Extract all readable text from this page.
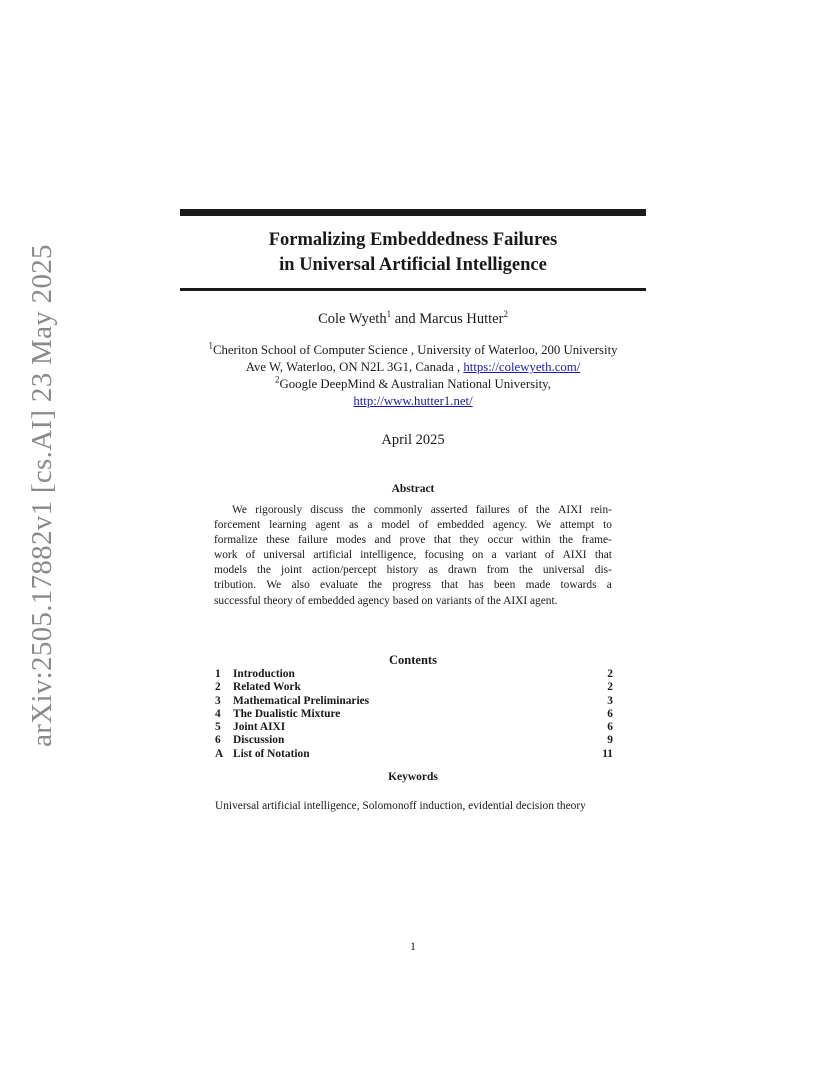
arXiv:2505.17882v1 [cs.AI] 23 May 2025
Formalizing Embeddedness Failures
in Universal Artificial Intelligence
Cole Wyeth$^1$ and Marcus Hutter$^2$
$^1$Cheriton School of Computer Science , University of Waterloo, 200 University
Ave W, Waterloo, ON N2L 3G1, Canada , https://colewyeth.com/
$^2$Google DeepMind & Australian National University,
http://www.hutter1.net/
April 2025
Abstract
We rigorously discuss the commonly asserted failures of the AIXI rein-
forcement learning agent as a model of embedded agency. We attempt to
formalize these failure modes and prove that they occur within the frame-
work of universal artificial intelligence, focusing on a variant of AIXI that
models the joint action/percept history as drawn from the universal dis-
tribution. We also evaluate the progress that has been made towards a
successful theory of embedded agency based on variants of the AIXI agent.
Contents
1	Introduction	2
2	Related Work	2
3	Mathematical Preliminaries	3
4	The Dualistic Mixture	6
5	Joint AIXI	6
6	Discussion	9
A List of Notation	11
Keywords
Universal artificial intelligence, Solomonoff induction, evidential decision theory
1
